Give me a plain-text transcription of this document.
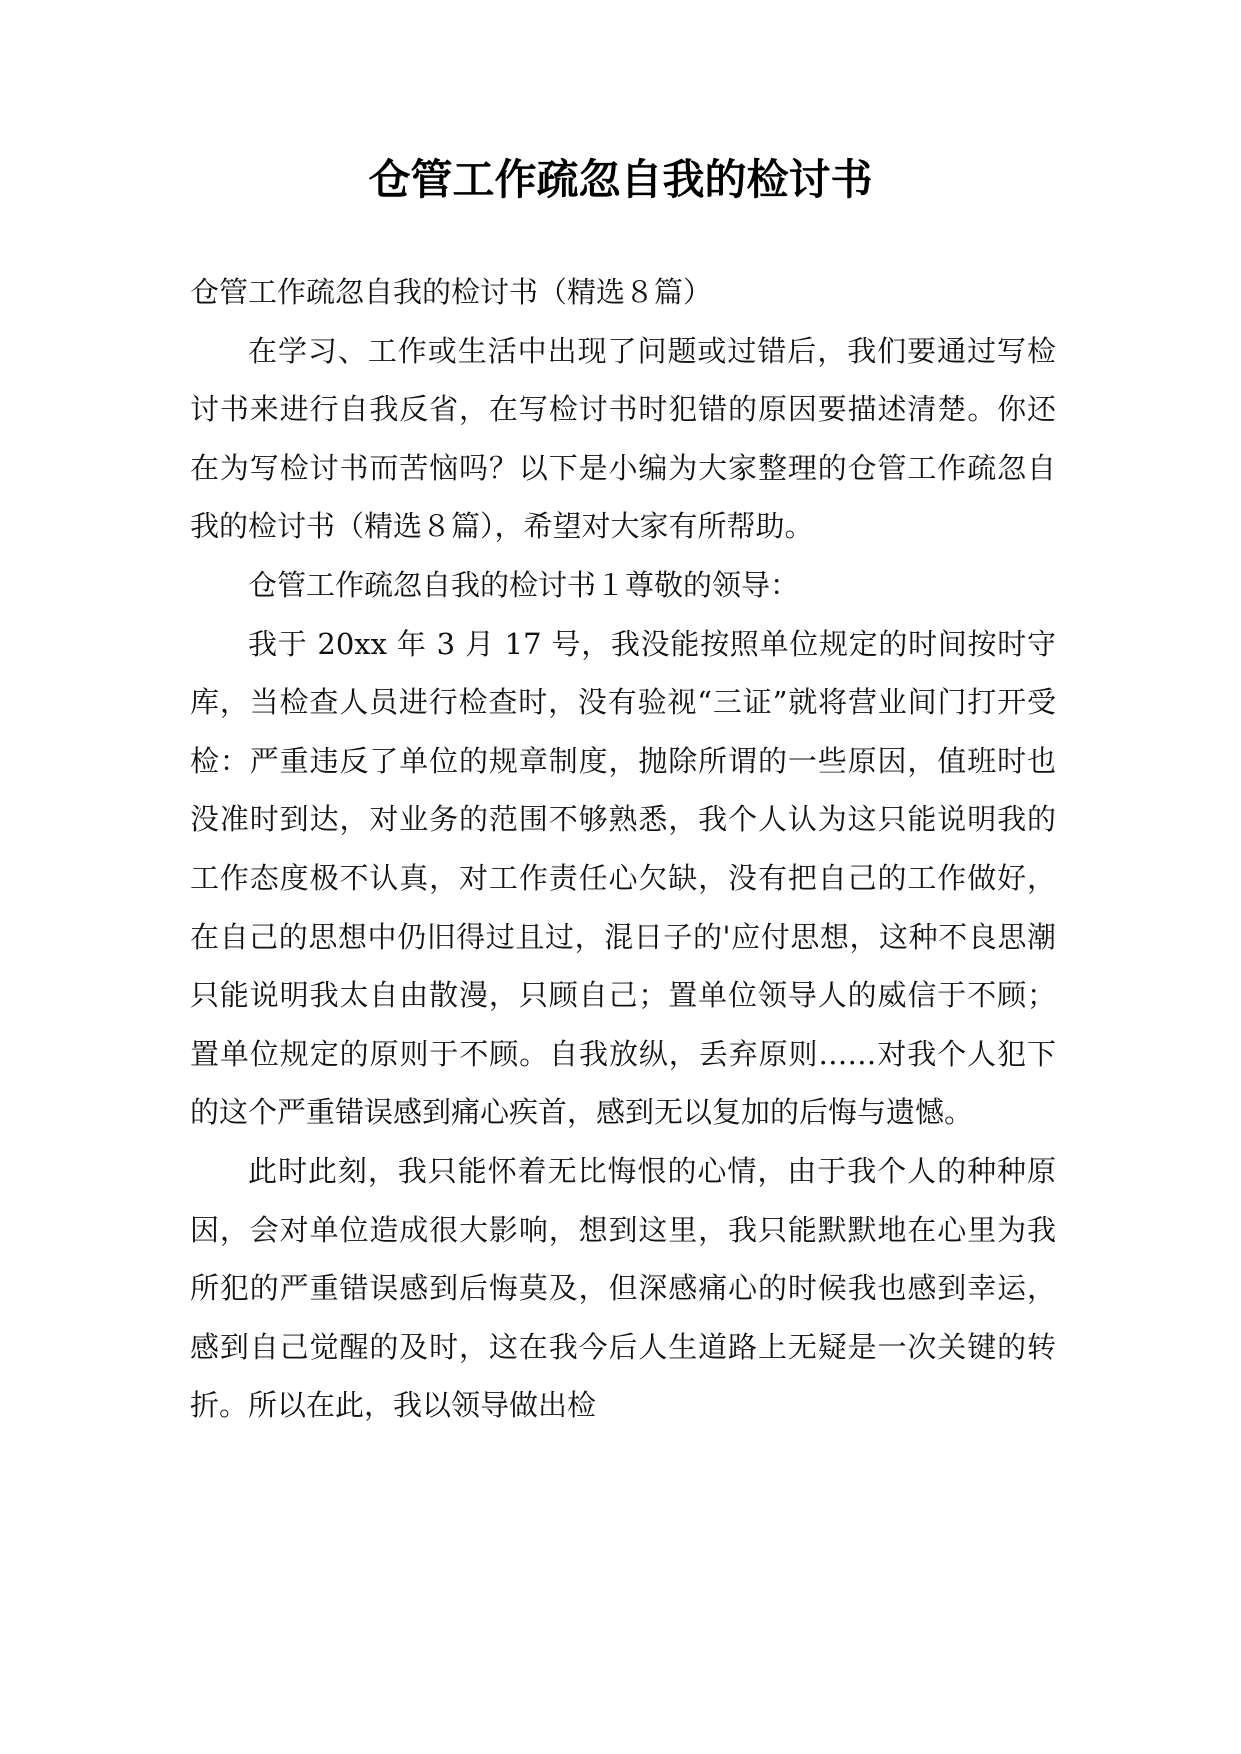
仓管工作疏忽自我的检讨书

仓管工作疏忽自我的检讨书（精选８篇）

在学习、工作或生活中出现了问题或过错后，我们要通过写检讨书来进行自我反省，在写检讨书时犯错的原因要描述清楚。你还在为写检讨书而苦恼吗？以下是小编为大家整理的仓管工作疏忽自我的检讨书（精选８篇），希望对大家有所帮助。

仓管工作疏忽自我的检讨书１尊敬的领导：

我于 20xx 年 3 月 17 号，我没能按照单位规定的时间按时守库，当检查人员进行检查时，没有验视“三证”就将营业间门打开受检：严重违反了单位的规章制度，抛除所谓的一些原因，值班时也没准时到达，对业务的范围不够熟悉，我个人认为这只能说明我的工作态度极不认真，对工作责任心欠缺，没有把自己的工作做好，在自己的思想中仍旧得过且过，混日子的'应付思想，这种不良思潮只能说明我太自由散漫，只顾自己；置单位领导人的威信于不顾；置单位规定的原则于不顾。自我放纵，丢弃原则……对我个人犯下的这个严重错误感到痛心疾首，感到无以复加的后悔与遗憾。

此时此刻，我只能怀着无比悔恨的心情，由于我个人的种种原因，会对单位造成很大影响，想到这里，我只能默默地在心里为我所犯的严重错误感到后悔莫及，但深感痛心的时候我也感到幸运，感到自己觉醒的及时，这在我今后人生道路上无疑是一次关键的转折。所以在此，我以领导做出检
